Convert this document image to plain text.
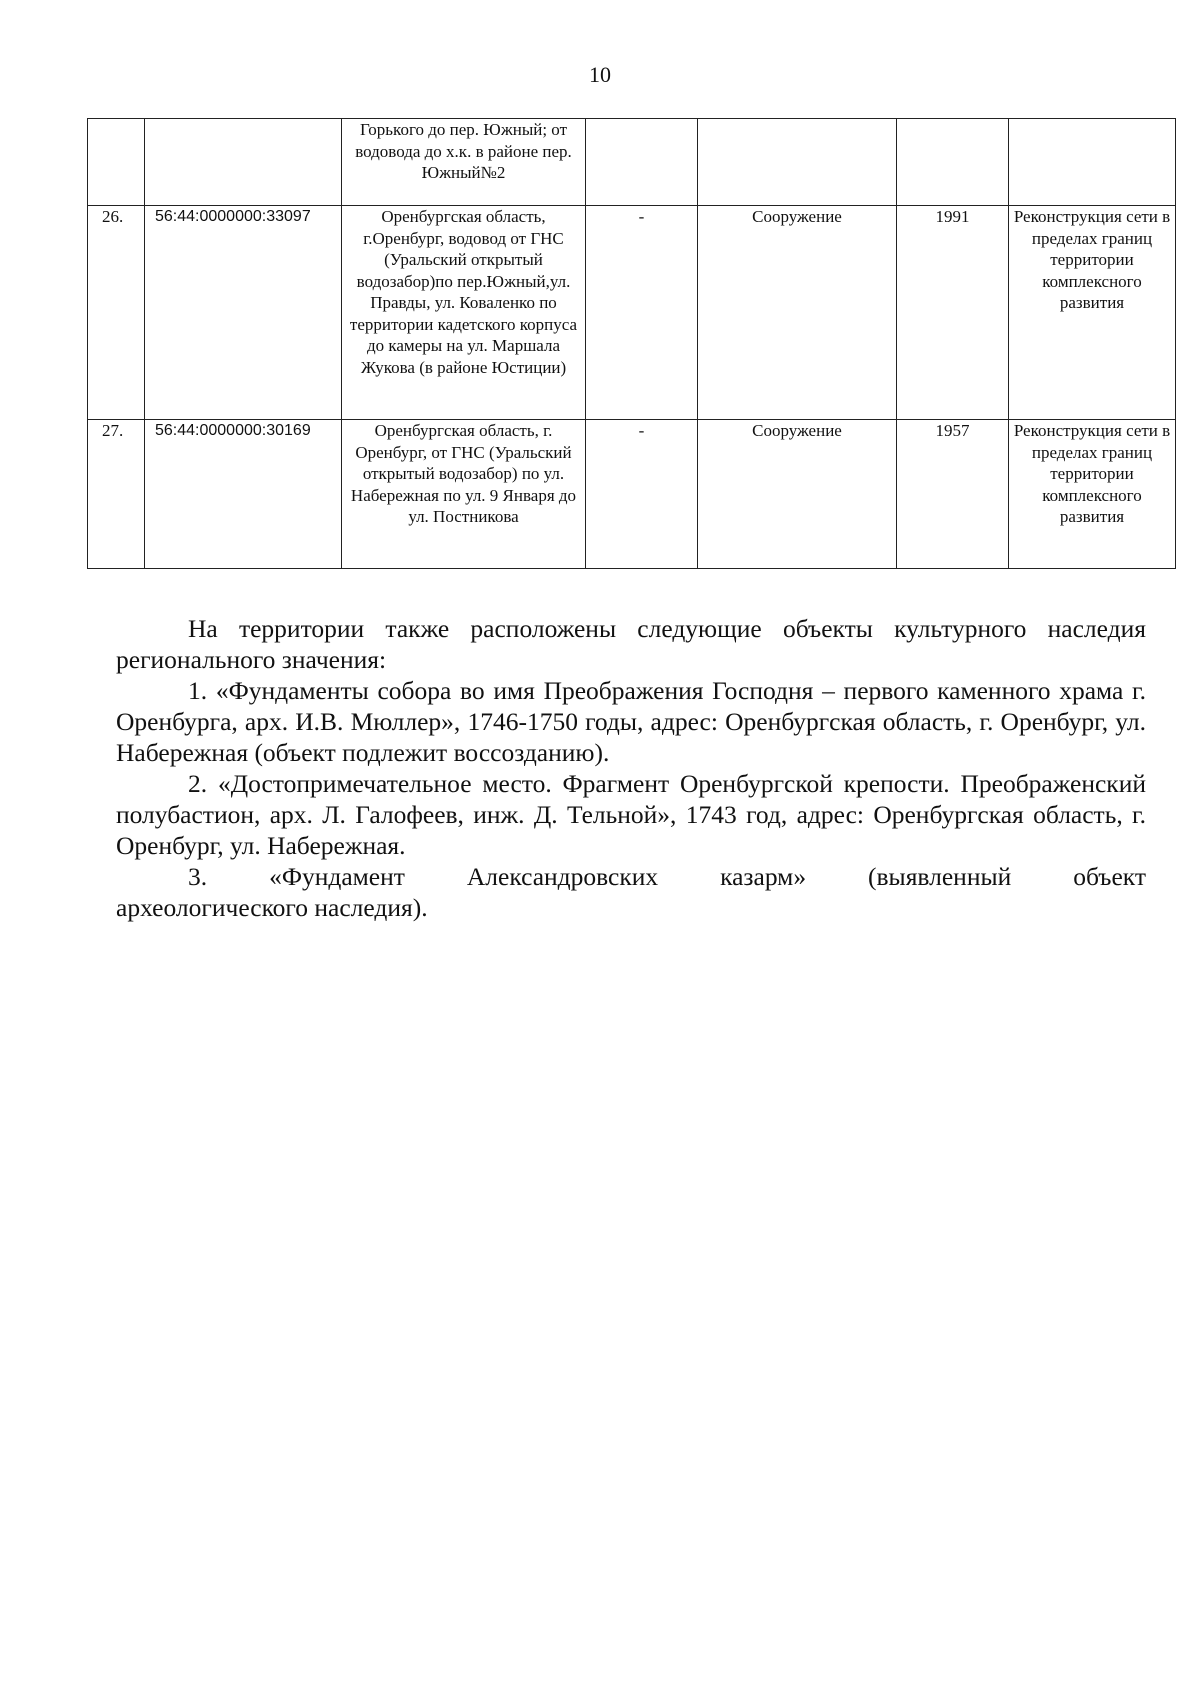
10
		Горького до пер. Южный; от водовода до х.к. в районе пер. Южный№2				
26.	56:44:0000000:33097	Оренбургская область, г.Оренбург, водовод от ГНС (Уральский открытый водозабор)по пер.Южный,ул. Правды, ул. Коваленко по территории кадетского корпуса до камеры на ул. Маршала Жукова (в районе Юстиции)	-	Сооружение	1991	Реконструкция сети в пределах границ территории комплексного развития
27.	56:44:0000000:30169	Оренбургская область, г. Оренбург, от ГНС (Уральский открытый водозабор) по ул. Набережная по ул. 9 Января до ул. Постникова	-	Сооружение	1957	Реконструкция сети в пределах границ территории комплексного развития

На территории также расположены следующие объекты культурного наследия регионального значения:

1. «Фундаменты собора во имя Преображения Господня – первого каменного храма г. Оренбурга, арх. И.В. Мюллер», 1746-1750 годы, адрес: Оренбургская область, г. Оренбург, ул. Набережная (объект подлежит воссозданию).

2. «Достопримечательное место. Фрагмент Оренбургской крепости. Преображенский полубастион, арх. Л. Галофеев, инж. Д. Тельной», 1743 год, адрес: Оренбургская область, г. Оренбург, ул. Набережная.

3. «Фундамент Александровских казарм» (выявленный объект

археологического наследия).
